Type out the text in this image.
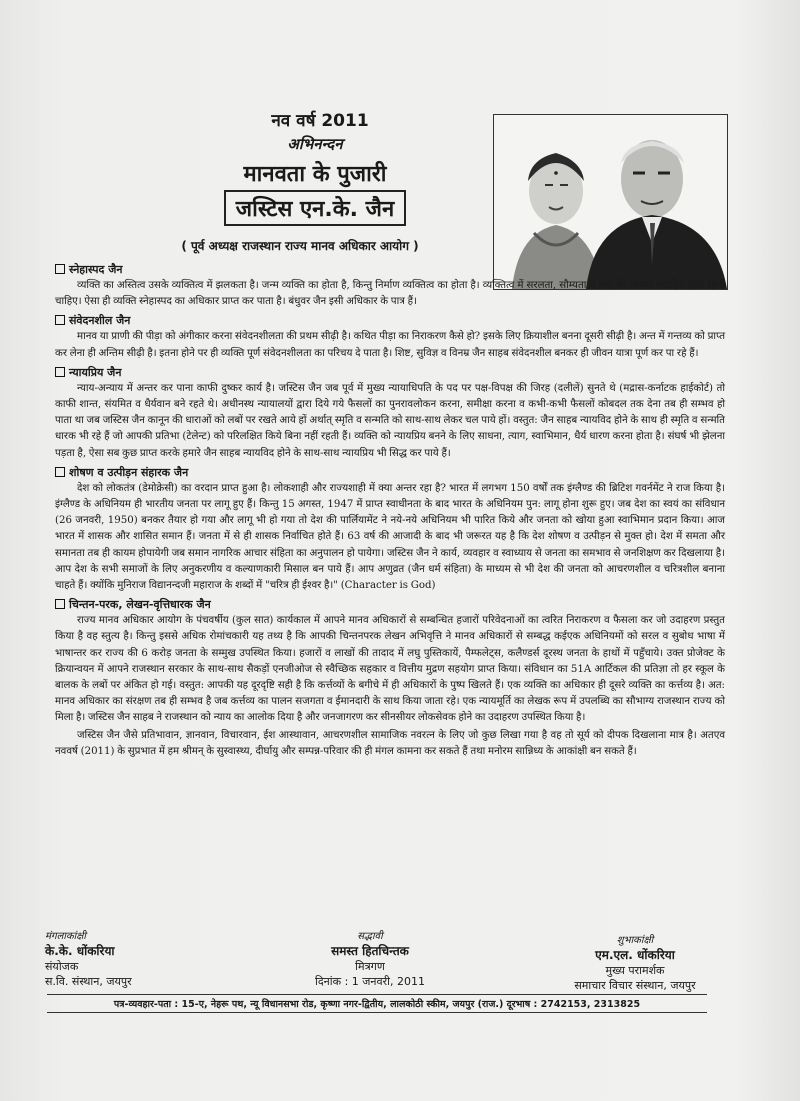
नव वर्ष 2011
अभिनन्दन
मानवता के पुजारी
जस्टिस एन.के. जैन
( पूर्व अध्यक्ष राजस्थान राज्य मानव अधिकार आयोग )
स्नेहास्पद जैन

व्यक्ति का अस्तित्व उसके व्यक्तित्व में झलकता है। जन्म व्यक्ति का होता है, किन्तु निर्माण व्यक्तित्व का होता है। व्यक्तित्व में सरलता, सौम्यता व स्नेह की त्रिवेणी प्रवाहित होती रहनी चाहिए। ऐसा ही व्यक्ति स्नेहास्पद का अधिकार प्राप्त कर पाता है। बंधुवर जैन इसी अधिकार के पात्र हैं।

संवेदनशील जैन

मानव या प्राणी की पीड़ा को अंगीकार करना संवेदनशीलता की प्रथम सीढ़ी है। कथित पीड़ा का निराकरण कैसे हो? इसके लिए क्रियाशील बनना दूसरी सीढ़ी है। अन्त में गन्तव्य को प्राप्त कर लेना ही अन्तिम सीढ़ी है। इतना होने पर ही व्यक्ति पूर्ण संवेदनशीलता का परिचय दे पाता है। शिष्ट, सुविज्ञ व विनम्र जैन साहब संवेदनशील बनकर ही जीवन यात्रा पूर्ण कर पा रहे हैं।

न्यायप्रिय जैन

न्याय-अन्याय में अन्तर कर पाना काफी दुष्कर कार्य है। जस्टिस जैन जब पूर्व में मुख्य न्यायाधिपति के पद पर पक्ष-विपक्ष की जिरह (दलीलें) सुनते थे (मद्रास-कर्नाटक हाईकोर्ट) तो काफी शान्त, संयमित व धैर्यवान बने रहते थे। अधीनस्थ न्यायालयों द्वारा दिये गये फैसलों का पुनरावलोकन करना, समीक्षा करना व कभी-कभी फैसलों कोबदल तक देना तब ही सम्भव हो पाता था जब जस्टिस जैन कानून की धाराओं को लबों पर रखते आये हों अर्थात् स्मृति व सन्मति को साथ-साथ लेकर चल पाये हों। वस्तुत: जैन साहब न्यायविद होने के साथ ही स्मृति व सन्मति धारक भी रहे हैं जो आपकी प्रतिभा (टेलेन्ट) को परिलक्षित किये बिना नहीं रहती हैं। व्यक्ति को न्यायप्रिय बनने के लिए साधना, त्याग, स्वाभिमान, धैर्य धारण करना होता है। संघर्ष भी झेलना पड़ता है, ऐसा सब कुछ प्राप्त करके हमारे जैन साहब न्यायविद होने के साथ-साथ न्यायप्रिय भी सिद्ध कर पाये हैं।

शोषण व उत्पीड़न संहारक जैन

देश को लोकतंत्र (डेमोक्रेसी) का वरदान प्राप्त हुआ है। लोकशाही और राज्यशाही में क्या अन्तर रहा है? भारत में लगभग 150 वर्षों तक इंग्लैण्ड की ब्रिटिश गवर्नमेंट ने राज किया है। इंग्लैण्ड के अधिनियम ही भारतीय जनता पर लागू हुए हैं। किन्तु 15 अगस्त, 1947 में प्राप्त स्वाधीनता के बाद भारत के अधिनियम पुन: लागू होना शुरू हुए। जब देश का स्वयं का संविधान (26 जनवरी, 1950) बनकर तैयार हो गया और लागू भी हो गया तो देश की पार्लियामेंट ने नये-नये अधिनियम भी पारित किये और जनता को खोया हुआ स्वाभिमान प्रदान किया। आज भारत में शासक और शासित समान हैं। जनता में से ही शासक निर्वाचित होते हैं। 63 वर्ष की आजादी के बाद भी जरूरत यह है कि देश शोषण व उत्पीड़न से मुक्त हो। देश में समता और समानता तब ही कायम होपायेगी जब समान नागरिक आचार संहिता का अनुपालन हो पायेगा। जस्टिस जैन ने कार्य, व्यवहार व स्वाध्याय से जनता का समभाव से जनशिक्षण कर दिखलाया है। आप देश के सभी समाजों के लिए अनुकरणीय व कल्याणकारी मिसाल बन पाये हैं। आप अणुव्रत (जैन धर्म संहिता) के माध्यम से भी देश की जनता को आचरणशील व चरित्रशील बनाना चाहते हैं। क्योंकि मुनिराज विद्यानन्दजी महाराज के शब्दों में "चरित्र ही ईश्वर है।" (Character is God)

चिन्तन-परक, लेखन-वृत्तिधारक जैन

राज्य मानव अधिकार आयोग के पंचवर्षीय (कुल सात) कार्यकाल में आपने मानव अधिकारों से सम्बन्धित हजारों परिवेदनाओं का त्वरित निराकरण व फैसला कर जो उदाहरण प्रस्तुत किया है वह स्तुत्य है। किन्तु इससे अधिक रोमांचकारी यह तथ्य है कि आपकी चिन्तनपरक लेखन अभिवृत्ति ने मानव अधिकारों से सम्बद्ध कईएक अधिनियमों को सरल व सुबोध भाषा में भाषान्तर कर राज्य की 6 करोड़ जनता के सम्मुख उपस्थित किया। हजारों व लाखों की तादाद में लघु पुस्तिकायें, पैम्फलेट्स, कलैण्डर्स दूरस्थ जनता के हाथों में पहुँचाये। उक्त प्रोजेक्ट के क्रियान्वयन में आपने राजस्थान सरकार के साथ-साथ सैकड़ों एनजीओज से स्वैच्छिक सहकार व वित्तीय मुद्रण सहयोग प्राप्त किया। संविधान का 51A आर्टिकल की प्रतिज्ञा तो हर स्कूल के बालक के लबों पर अंकित हो गई। वस्तुत: आपकी यह दूरदृष्टि सही है कि कर्त्तव्यों के बगीचे में ही अधिकारों के पुष्प खिलते हैं। एक व्यक्ति का अधिकार ही दूसरे व्यक्ति का कर्त्तव्य है। अत: मानव अधिकार का संरक्षण तब ही सम्भव है जब कर्त्तव्य का पालन सजगता व ईमानदारी के साथ किया जाता रहे। एक न्यायमूर्ति का लेखक रूप में उपलब्धि का सौभाग्य राजस्थान राज्य को मिला है। जस्टिस जैन साहब ने राजस्थान को न्याय का आलोक दिया है और जनजागरण कर सीनसीयर लोकसेवक होने का उदाहरण उपस्थित किया है।

जस्टिस जैन जैसे प्रतिभावान, ज्ञानवान, विचारवान, ईश आस्थावान, आचरणशील सामाजिक नवरत्न के लिए जो कुछ लिखा गया है वह तो सूर्य को दीपक दिखलाना मात्र है। अतएव नववर्ष (2011) के सुप्रभात में हम श्रीमन् के सुस्वास्थ्य, दीर्घायु और सम्पन्न-परिवार की ही मंगल कामना कर सकते हैं तथा मनोरम सान्निध्य के आकांक्षी बन सकते हैं।

मंगलाकांक्षी
के.के. धोंकरिया
संयोजक
स.वि. संस्थान, जयपुर
सद्भावी
समस्त हितचिन्तक
मित्रगण
दिनांक : 1 जनवरी, 2011
शुभाकांक्षी
एम.एल. धोंकरिया
मुख्य परामर्शक
समाचार विचार संस्थान, जयपुर
पत्र-व्यवहार-पता : 15-ए, नेहरू पथ, न्यू विधानसभा रोड, कृष्णा नगर-द्वितीय, लालकोठी स्कीम, जयपुर (राज.) दूरभाष : 2742153, 2313825
